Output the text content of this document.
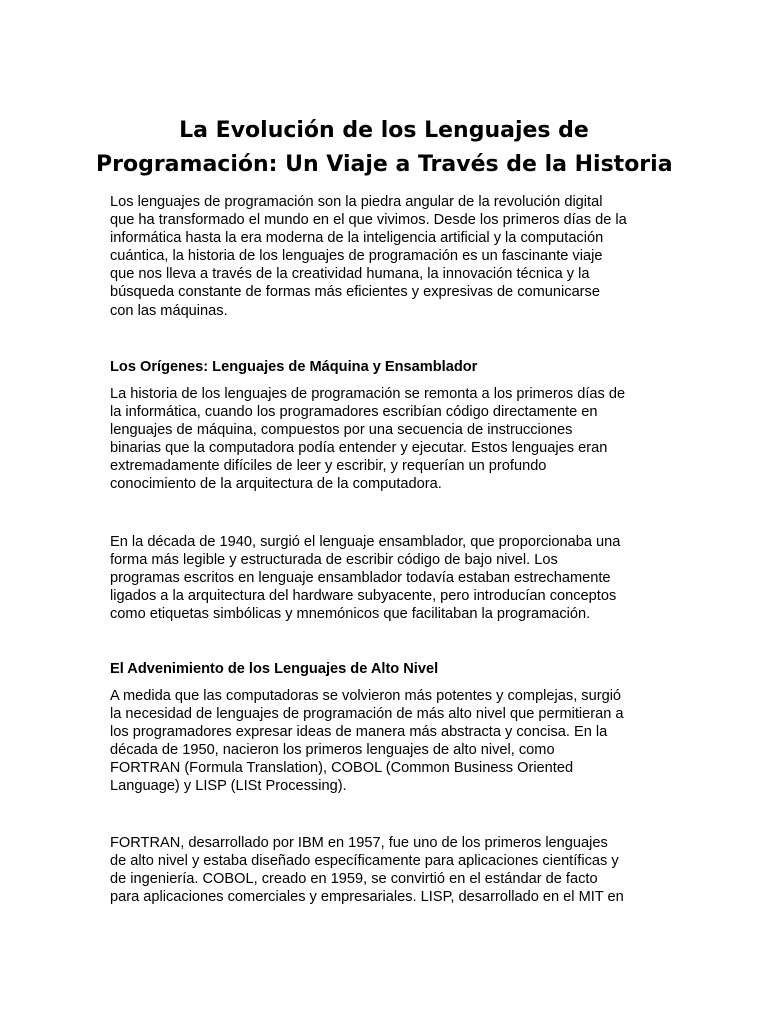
La Evolución de los Lenguajes de
Programación: Un Viaje a Través de la Historia

Los lenguajes de programación son la piedra angular de la revolución digital
que ha transformado el mundo en el que vivimos. Desde los primeros días de la
informática hasta la era moderna de la inteligencia artificial y la computación
cuántica, la historia de los lenguajes de programación es un fascinante viaje
que nos lleva a través de la creatividad humana, la innovación técnica y la
búsqueda constante de formas más eficientes y expresivas de comunicarse
con las máquinas.

Los Orígenes: Lenguajes de Máquina y Ensamblador

La historia de los lenguajes de programación se remonta a los primeros días de
la informática, cuando los programadores escribían código directamente en
lenguajes de máquina, compuestos por una secuencia de instrucciones
binarias que la computadora podía entender y ejecutar. Estos lenguajes eran
extremadamente difíciles de leer y escribir, y requerían un profundo
conocimiento de la arquitectura de la computadora.

En la década de 1940, surgió el lenguaje ensamblador, que proporcionaba una
forma más legible y estructurada de escribir código de bajo nivel. Los
programas escritos en lenguaje ensamblador todavía estaban estrechamente
ligados a la arquitectura del hardware subyacente, pero introducían conceptos
como etiquetas simbólicas y mnemónicos que facilitaban la programación.

El Advenimiento de los Lenguajes de Alto Nivel

A medida que las computadoras se volvieron más potentes y complejas, surgió
la necesidad de lenguajes de programación de más alto nivel que permitieran a
los programadores expresar ideas de manera más abstracta y concisa. En la
década de 1950, nacieron los primeros lenguajes de alto nivel, como
FORTRAN (Formula Translation), COBOL (Common Business Oriented
Language) y LISP (LISt Processing).

FORTRAN, desarrollado por IBM en 1957, fue uno de los primeros lenguajes
de alto nivel y estaba diseñado específicamente para aplicaciones científicas y
de ingeniería. COBOL, creado en 1959, se convirtió en el estándar de facto
para aplicaciones comerciales y empresariales. LISP, desarrollado en el MIT en
